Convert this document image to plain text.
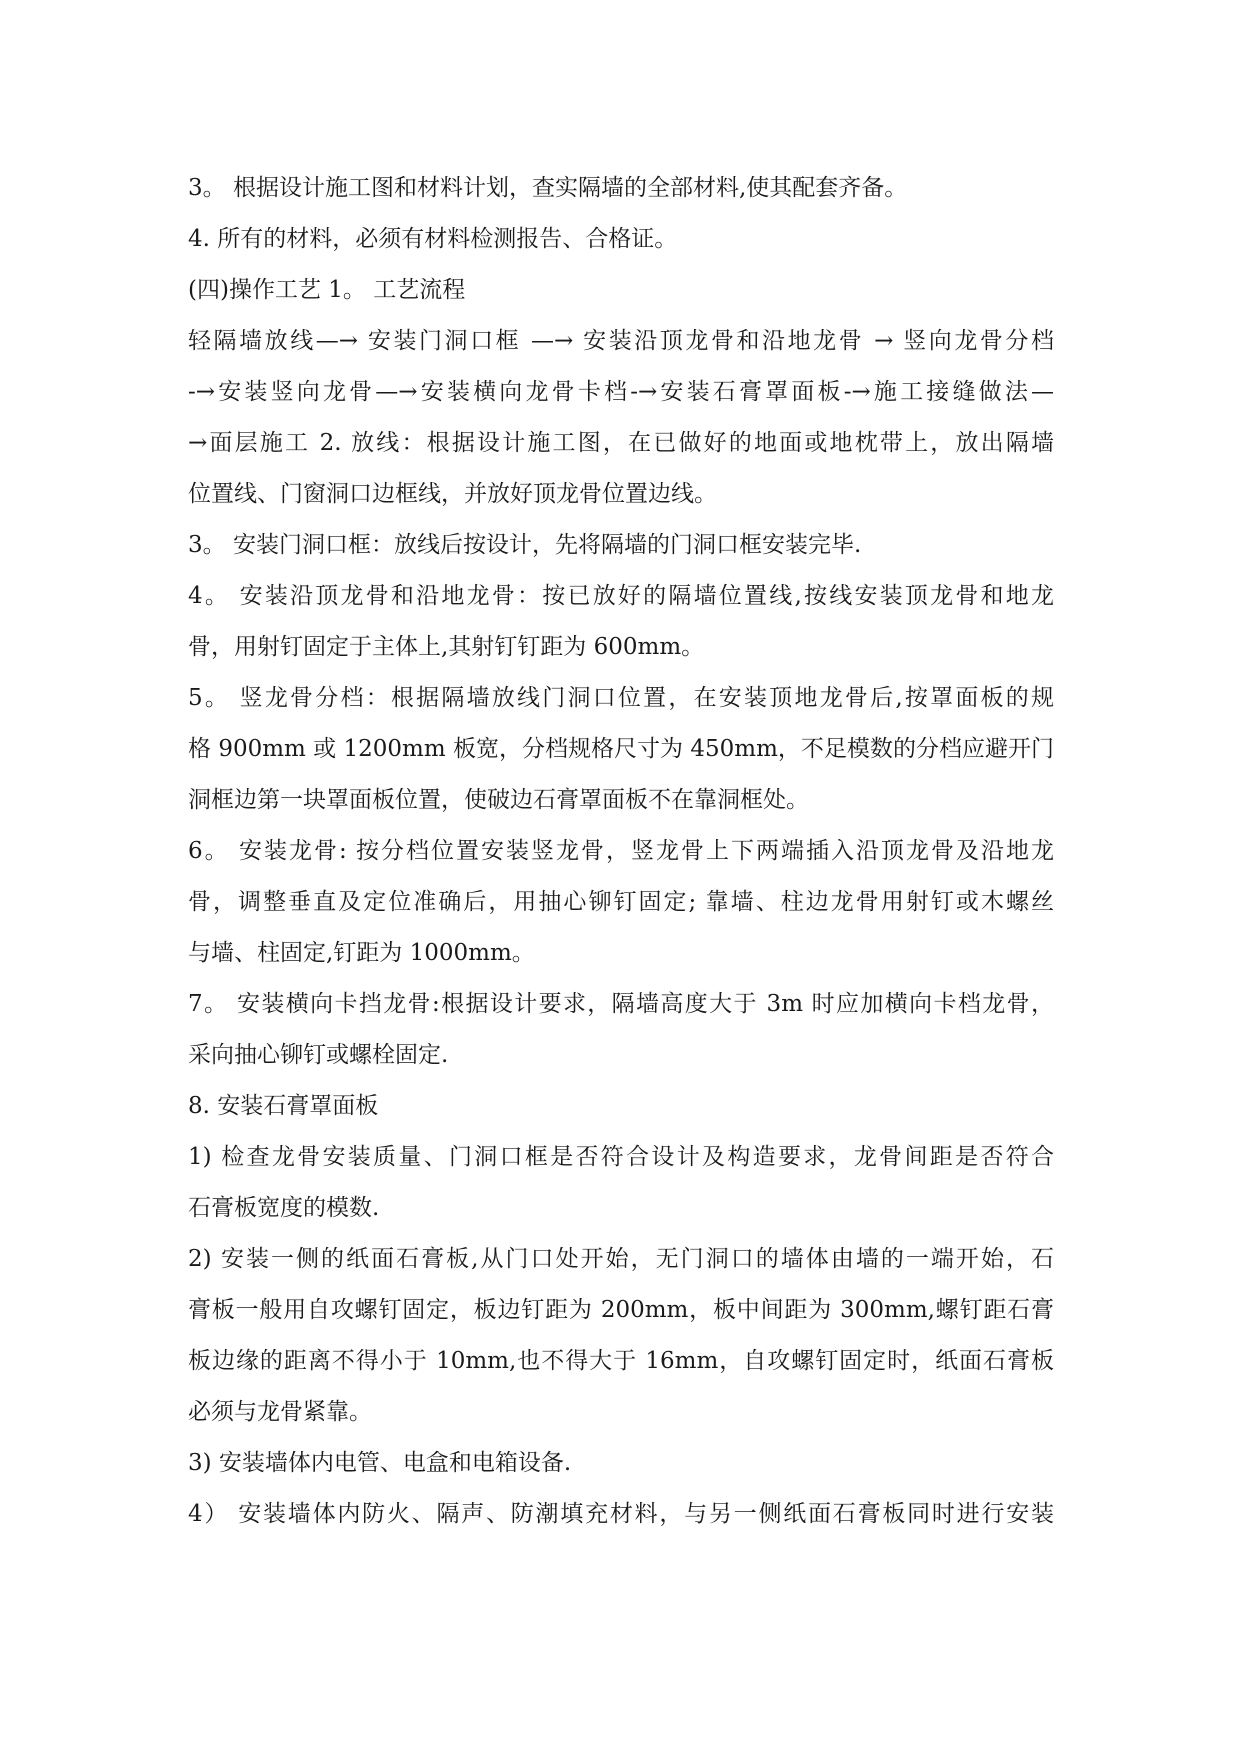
3。 根据设计施工图和材料计划，查实隔墙的全部材料,使其配套齐备。
4. 所有的材料，必须有材料检测报告、合格证。
(四)操作工艺 1。 工艺流程
轻隔墙放线—→ 安装门洞口框 —→ 安装沿顶龙骨和沿地龙骨 → 竖向龙骨分档
-→安装竖向龙骨—→安装横向龙骨卡档-→安装石膏罩面板-→施工接缝做法—
→面层施工 2. 放线：根据设计施工图，在已做好的地面或地枕带上，放出隔墙
位置线、门窗洞口边框线，并放好顶龙骨位置边线。
3。 安装门洞口框：放线后按设计，先将隔墙的门洞口框安装完毕.
4。 安装沿顶龙骨和沿地龙骨：按已放好的隔墙位置线,按线安装顶龙骨和地龙
骨，用射钉固定于主体上,其射钉钉距为 600mm。
5。 竖龙骨分档：根据隔墙放线门洞口位置，在安装顶地龙骨后,按罩面板的规
格 900mm 或 1200mm 板宽，分档规格尺寸为 450mm，不足模数的分档应避开门
洞框边第一块罩面板位置，使破边石膏罩面板不在靠洞框处。
6。 安装龙骨: 按分档位置安装竖龙骨，竖龙骨上下两端插入沿顶龙骨及沿地龙
骨，调整垂直及定位准确后，用抽心铆钉固定; 靠墙、柱边龙骨用射钉或木螺丝
与墙、柱固定,钉距为 1000mm。
7。 安装横向卡挡龙骨:根据设计要求，隔墙高度大于 3m 时应加横向卡档龙骨，
采向抽心铆钉或螺栓固定.
8. 安装石膏罩面板
1) 检查龙骨安装质量、门洞口框是否符合设计及构造要求，龙骨间距是否符合
石膏板宽度的模数.
2) 安装一侧的纸面石膏板,从门口处开始，无门洞口的墙体由墙的一端开始，石
膏板一般用自攻螺钉固定，板边钉距为 200mm，板中间距为 300mm,螺钉距石膏
板边缘的距离不得小于 10mm,也不得大于 16mm，自攻螺钉固定时，纸面石膏板
必须与龙骨紧靠。
3) 安装墙体内电管、电盒和电箱设备.
4） 安装墙体内防火、隔声、防潮填充材料，与另一侧纸面石膏板同时进行安装
